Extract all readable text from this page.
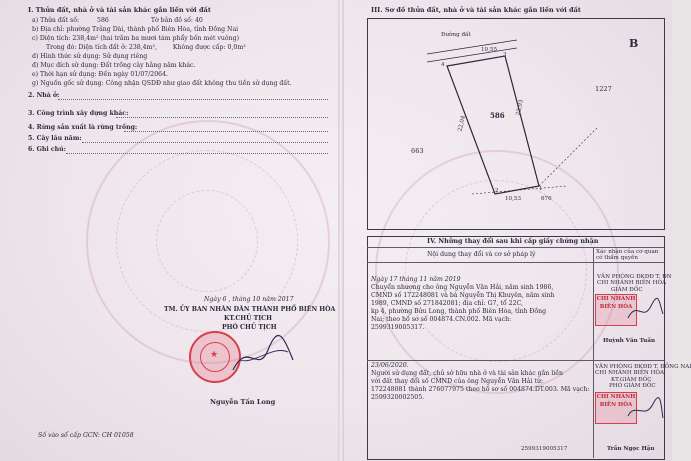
I. Thửa đất, nhà ở và tài sản khác gắn liền với đất
a) Thửa đất số:	586	Tờ bản đồ số: 40
b) Địa chỉ: phường Trảng Dài, thành phố Biên Hòa, tỉnh Đồng Nai
c) Diện tích: 238,4m² (hai trăm ba mươi tám phẩy bốn mét vuông)
Trong đó: Diện tích đất ở: 238,4m²,	Không được cấp: 0,0m²
d) Hình thức sử dụng: Sử dụng riêng
đ) Mục đích sử dụng: Đất trồng cây hằng năm khác.
e) Thời hạn sử dụng: Đến ngày 01/07/2064.
g) Nguồn gốc sử dụng: Công nhận QSDĐ như giao đất không thu tiền sử dụng đất.
2. Nhà ở:
3. Công trình xây dựng khác:
4. Rừng sản xuất là rừng trồng:
5. Cây lâu năm:
6. Ghi chú:
Ngày 6 , tháng 10 năm 2017
TM. ỦY BAN NHÂN DÂN THÀNH PHỐ BIÊN HÒA
KT.CHỦ TỊCH
PHÓ CHỦ TỊCH
★
Nguyễn Tấn Long
Số vào sổ cấp GCN: CH 01058
III. Sơ đồ thửa đất, nhà ở và tài sản khác gắn liền với đất
Đường đất
10,55
22,04
22,93
10,53
586
663
1227
676
4
3
1
2
B
IV. Những thay đổi sau khi cấp giấy chứng nhận
Nội dung thay đổi và cơ sở pháp lý	Xác nhận của cơ quan có thẩm quyền
Ngày 17 tháng 11 năm 2019
Chuyển nhượng cho ông Nguyễn Văn Hải, năm sinh 1986,
CMND số 172248081 và bà Nguyễn Thị Khuyên, năm sinh
1989, CMND số 271842081; địa chỉ: G7, tổ 22C,
kp 4, phường Bửu Long, thành phố Biên Hòa, tỉnh Đồng
Nai; theo hồ sơ số 004874.CN.002. Mã vạch:
2599319005317.
VĂN PHÒNG ĐKĐĐ T. ĐN
CHI NHÁNH BIÊN HÒA
GIÁM ĐỐC
CHI NHÁNH BIÊN HÒA
Huỳnh Văn Tuấn
23/06/2020.
Người sử dụng đất, chủ sở hữu nhà ở và tài sản khác gắn liền
với đất thay đổi số CMND của ông Nguyễn Văn Hải từ:
172248081 thành 276077975 theo hồ sơ số 004874.DT.003. Mã vạch:
2599320002505.
VĂN PHÒNG ĐKĐĐ T. ĐỒNG NAI
CHI NHÁNH BIÊN HÒA
KT.GIÁM ĐỐC
PHÓ GIÁM ĐỐC
CHI NHÁNH BIÊN HÒA
Trần Ngọc Hậu
2599319005317
